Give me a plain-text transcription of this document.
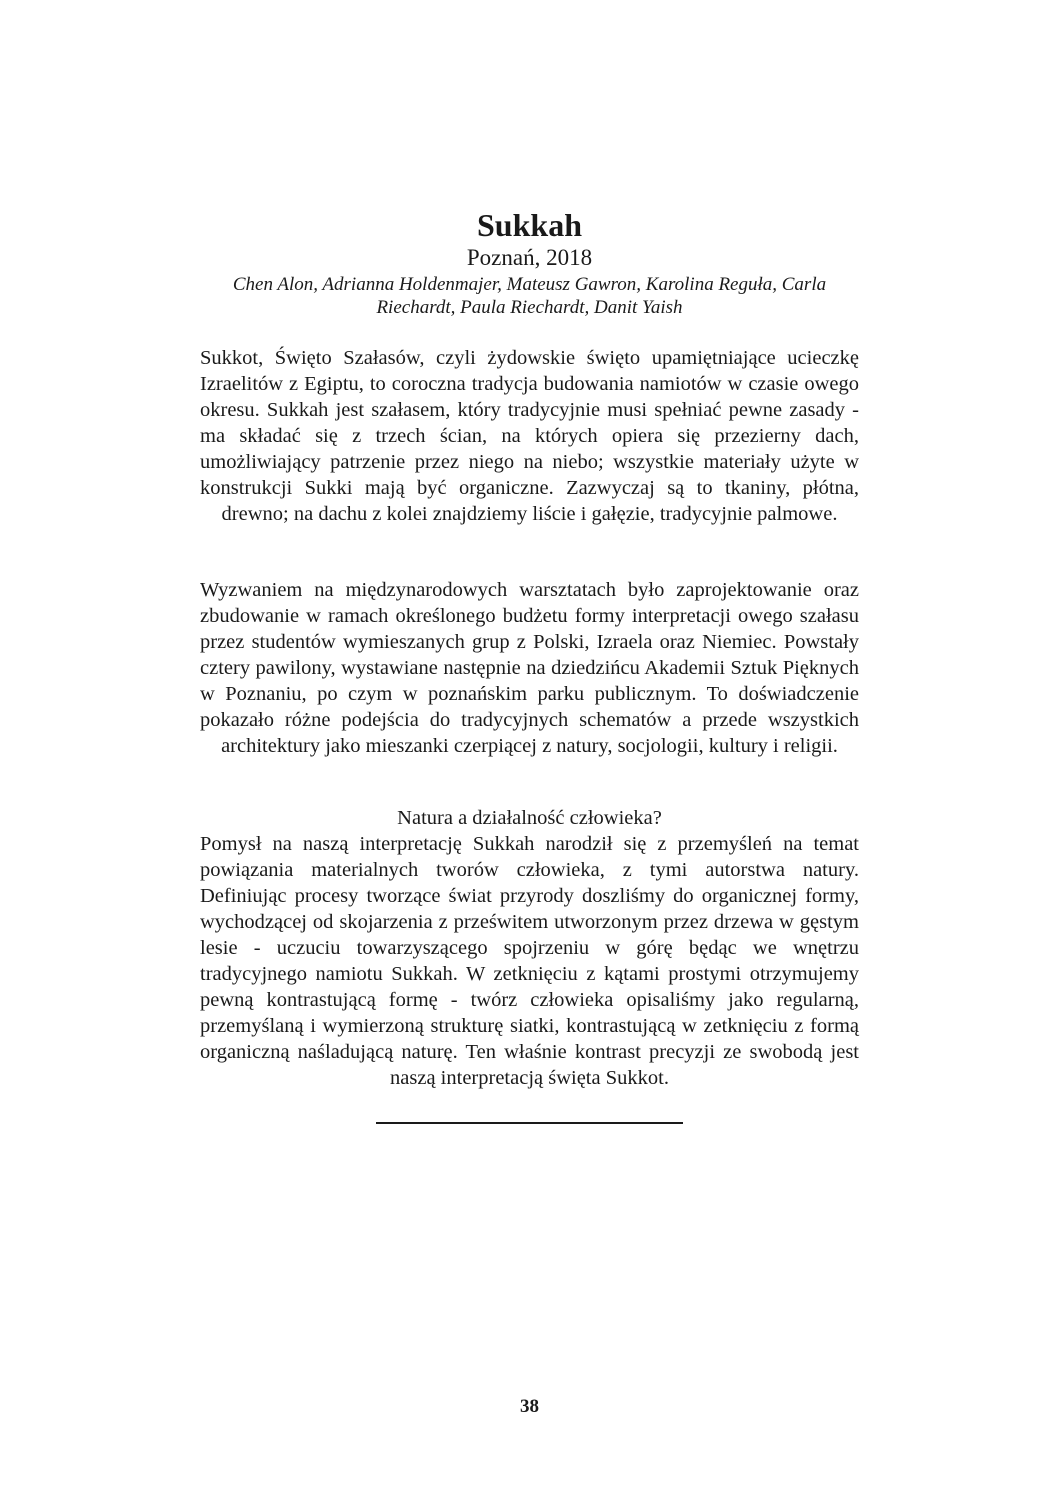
Sukkah
Poznań, 2018
Chen Alon, Adrianna Holdenmajer, Mateusz Gawron, Karolina Reguła, Carla Riechardt, Paula Riechardt, Danit Yaish

Sukkot, Święto Szałasów, czyli żydowskie święto upamiętniające ucieczkę Izraelitów z Egiptu, to coroczna tradycja budowania namiotów w czasie owego okresu. Sukkah jest szałasem, który tradycyjnie musi spełniać pewne zasady - ma składać się z trzech ścian, na których opiera się przezierny dach, umożliwiający patrzenie przez niego na niebo; wszystkie materiały użyte w konstrukcji Sukki mają być organiczne. Zazwyczaj są to tkaniny, płótna, drewno; na dachu z kolei znajdziemy liście i gałęzie, tradycyjnie palmowe.

Wyzwaniem na międzynarodowych warsztatach było zaprojektowanie oraz zbudowanie w ramach określonego budżetu formy interpretacji owego szałasu przez studentów wymieszanych grup z Polski, Izraela oraz Niemiec. Powstały cztery pawilony, wystawiane następnie na dziedzińcu Akademii Sztuk Pięknych w Poznaniu, po czym w poznańskim parku publicznym. To doświadczenie pokazało różne podejścia do tradycyjnych schematów a przede wszystkich architektury jako mieszanki czerpiącej z natury, socjologii, kultury i religii.

Natura a działalność człowieka?

Pomysł na naszą interpretację Sukkah narodził się z przemyśleń na temat powiązania materialnych tworów człowieka, z tymi autorstwa natury. Definiując procesy tworzące świat przyrody doszliśmy do organicznej formy, wychodzącej od skojarzenia z prześwitem utworzonym przez drzewa w gęstym lesie - uczuciu towarzyszącego spojrzeniu w górę będąc we wnętrzu tradycyjnego namiotu Sukkah. W zetknięciu z kątami prostymi otrzymujemy pewną kontrastującą formę - twórz człowieka opisaliśmy jako regularną, przemyślaną i wymierzoną strukturę siatki, kontrastującą w zetknięciu z formą organiczną naśladującą naturę. Ten właśnie kontrast precyzji ze swobodą jest naszą interpretacją święta Sukkot.

38
